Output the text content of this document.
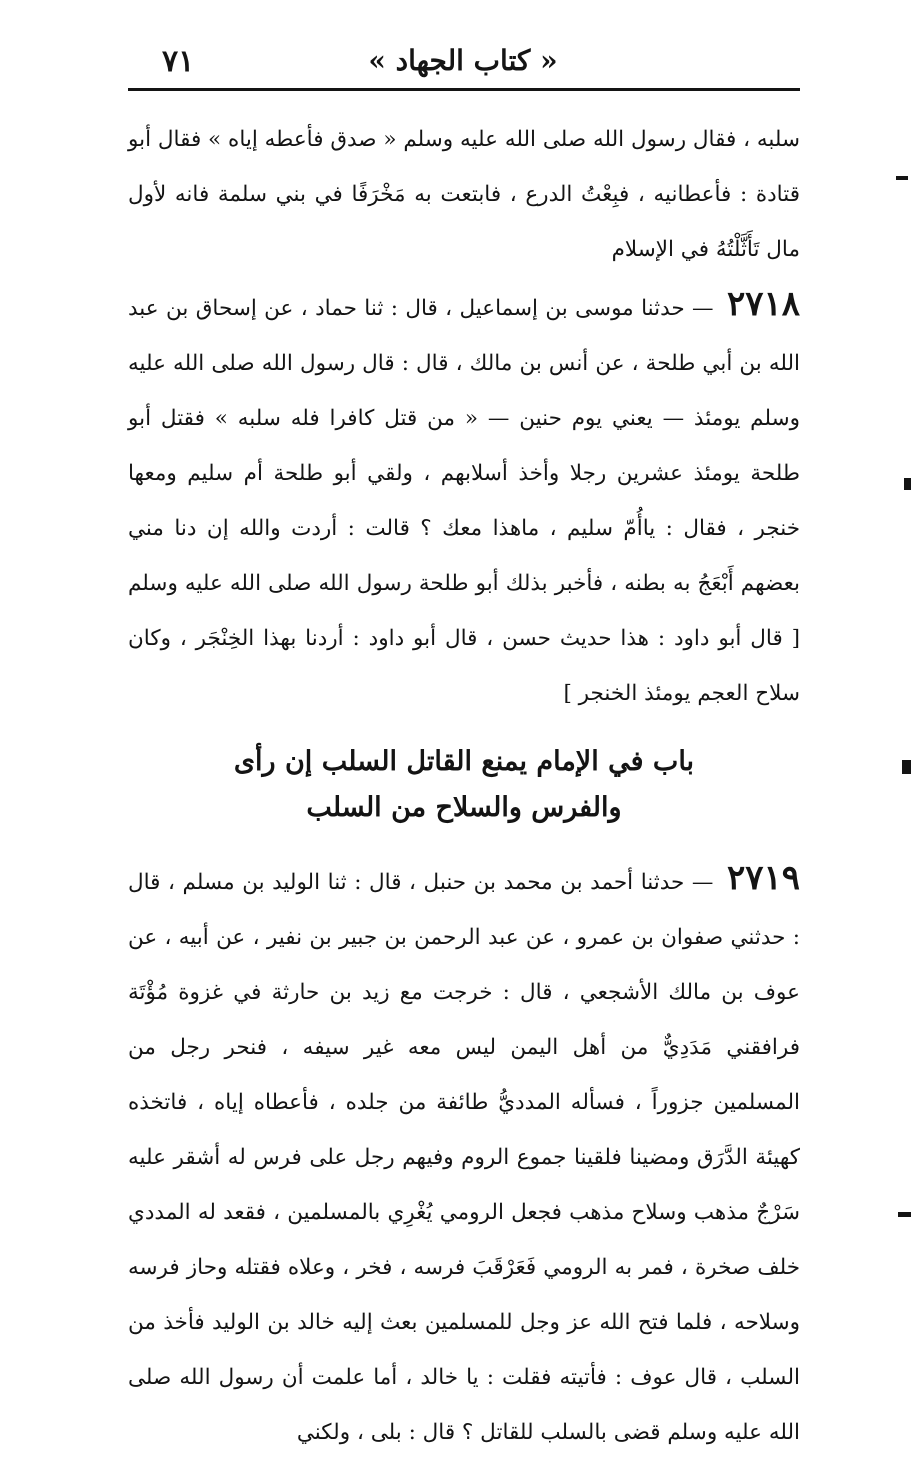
٧١	« كتاب الجهاد »

سلبه ، فقال رسول الله صلى الله عليه وسلم « صدق فأعطه إياه » فقال أبو قتادة : فأعطانيه ، فبِعْتُ الدرع ، فابتعت به مَخْرَفًا في بني سلمة فانه لأول مال تَأَثَّلْتُهُ في الإسلام

٢٧١٨ — حدثنا موسى بن إسماعيل ، قال : ثنا حماد ، عن إسحاق بن عبد الله بن أبي طلحة ، عن أنس بن مالك ، قال : قال رسول الله صلى الله عليه وسلم يومئذ — يعني يوم حنين — « من قتل كافرا فله سلبه » فقتل أبو طلحة يومئذ عشرين رجلا وأخذ أسلابهم ، ولقي أبو طلحة أم سليم ومعها خنجر ، فقال : ياأُمّ سليم ، ماهذا معك ؟ قالت : أردت والله إن دنا مني بعضهم أَبْعَجُ به بطنه ، فأخبر بذلك أبو طلحة رسول الله صلى الله عليه وسلم [ قال أبو داود : هذا حديث حسن ، قال أبو داود : أردنا بهذا الخِنْجَر ، وكان سلاح العجم يومئذ الخنجر ]

باب في الإمام يمنع القاتل السلب إن رأى
والفرس والسلاح من السلب

٢٧١٩ — حدثنا أحمد بن محمد بن حنبل ، قال : ثنا الوليد بن مسلم ، قال : حدثني صفوان بن عمرو ، عن عبد الرحمن بن جبير بن نفير ، عن أبيه ، عن عوف بن مالك الأشجعي ، قال : خرجت مع زيد بن حارثة في غزوة مُؤْتَة فرافقني مَدَدِيٌّ من أهل اليمن ليس معه غير سيفه ، فنحر رجل من المسلمين جزوراً ، فسأله المدديُّ طائفة من جلده ، فأعطاه إياه ، فاتخذه كهيئة الدَّرَق ومضينا فلقينا جموع الروم وفيهم رجل على فرس له أشقر عليه سَرْجٌ مذهب وسلاح مذهب فجعل الرومي يُغْرِي بالمسلمين ، فقعد له المددي خلف صخرة ، فمر به الرومي فَعَرْقَبَ فرسه ، فخر ، وعلاه فقتله وحاز فرسه وسلاحه ، فلما فتح الله عز وجل للمسلمين بعث إليه خالد بن الوليد فأخذ من السلب ، قال عوف : فأتيته فقلت : يا خالد ، أما علمت أن رسول الله صلى الله عليه وسلم قضى بالسلب للقاتل ؟ قال : بلى ، ولكني
